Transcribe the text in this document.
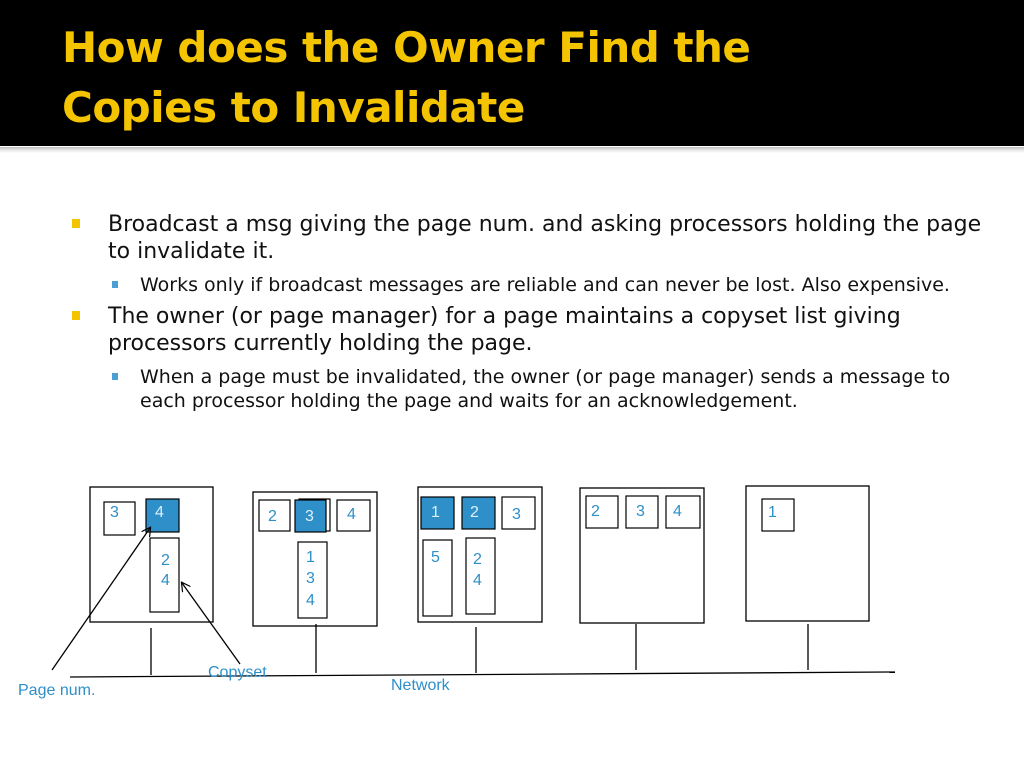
How does the Owner Find the
Copies to Invalidate
Broadcast a msg giving the page num. and asking processors holding the page to invalidate it.
Works only if broadcast messages are reliable and can never be lost. Also expensive.
The owner (or page manager) for a page maintains a copyset list giving processors currently holding the page.
When a page must be invalidated, the owner (or page manager) sends a message to each processor holding the page and waits for an acknowledgement.
3 4
2
4
2 3 4
1
3
4
1 2 3
5 2
4
2 3 4	1
Page num.
Copyset
Network
